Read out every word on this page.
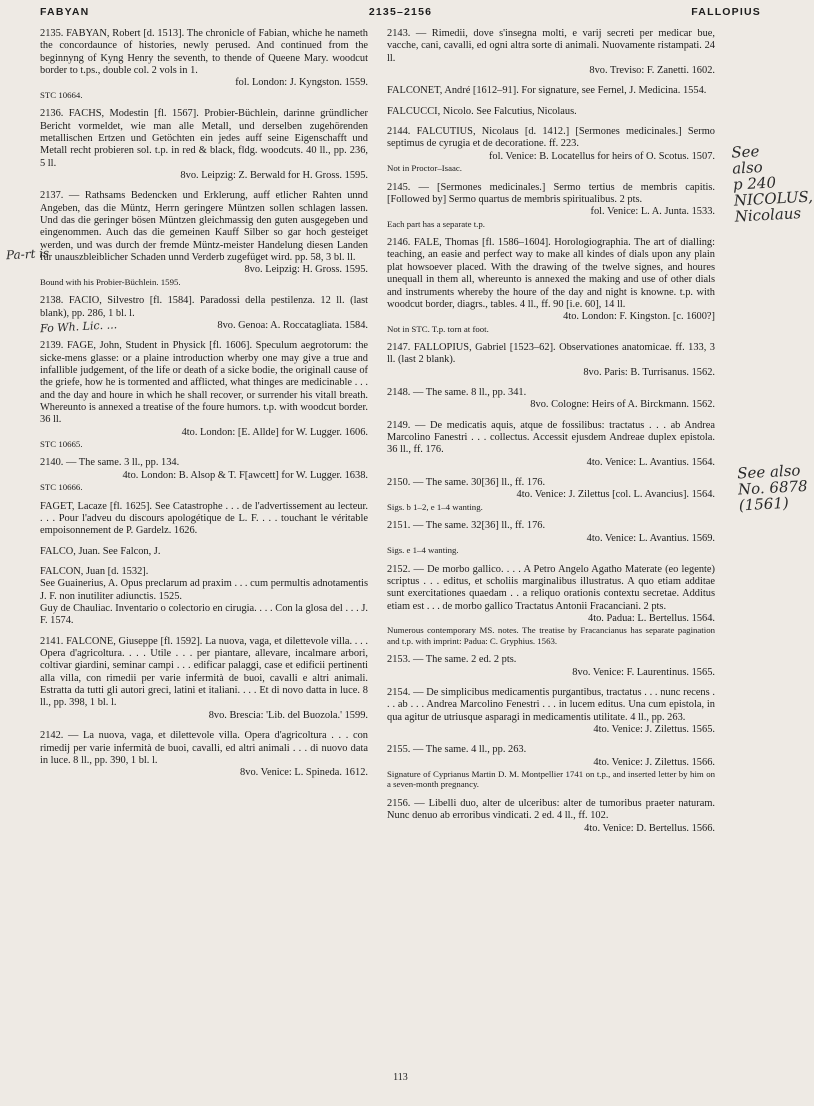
FABYAN	2135–2156	FALLOPIUS
2135. FABYAN, Robert [d. 1513]. The chronicle of Fabian, whiche he nameth the concordaunce of histories, newly perused. And continued from the beginnyng of Kyng Henry the seventh, to thende of Queene Mary. woodcut border to t.ps., double col. 2 vols in 1.
fol. London: J. Kyngston. 1559.
STC 10664.
2136. FACHS, Modestin [fl. 1567]. Probier-Büchlein, darinne gründlicher Bericht vormeldet, wie man alle Metall, und derselben zugehörenden metallischen Ertzen und Getöchten ein jedes auff seine Eigenschafft und Metall recht probieren sol. t.p. in red & black, fldg. woodcuts. 40 ll., pp. 236, 5 ll.
8vo. Leipzig: Z. Berwald for H. Gross. 1595.
2137. — Rathsams Bedencken und Erklerung, auff etlicher Rahten unnd Angeben, das die Müntz, Herrn geringere Müntzen sollen schlagen lassen. Und das die geringer bösen Müntzen gleichmassig den guten ausgegeben und eingenommen. Auch das die gemeinen Kauff Silber so gar hoch gesteiget werden, und was durch der fremde Müntz-meister Handelung diesen Landen für unauszbleiblicher Schaden unnd Verderb zugefüget wird. pp. 58, 3 bl. ll.
8vo. Leipzig: H. Gross. 1595.
Bound with his Probier-Büchlein. 1595.
2138. FACIO, Silvestro [fl. 1584]. Paradossi della pestilenza. 12 ll. (last blank), pp. 286, 1 bl. l.
8vo. Genoa: A. Roccatagliata. 1584.
2139. FAGE, John, Student in Physick [fl. 1606]. Speculum aegrotorum: the sicke-mens glasse: or a plaine introduction wherby one may give a true and infallible judgement, of the life or death of a sicke bodie, the originall cause of the griefe, how he is tormented and afflicted, what thinges are medicinable . . . and the day and houre in which he shall recover, or surrender his vitall breath. Whereunto is annexed a treatise of the foure humors. t.p. with woodcut border. 36 ll.
4to. London: [E. Allde] for W. Lugger. 1606.
STC 10665.
2140. — The same. 3 ll., pp. 134.
4to. London: B. Alsop & T. F[awcett] for W. Lugger. 1638.
STC 10666.
FAGET, Lacaze [fl. 1625]. See Catastrophe . . . de l'advertissement au lecteur. . . . Pour l'adveu du discours apologétique de L. F. . . . touchant le véritable empoisonnement de P. Gardelz. 1626.
FALCO, Juan. See Falcon, J.
FALCON, Juan [d. 1532].
See Guainerius, A. Opus preclarum ad praxim . . . cum permultis adnotamentis J. F. non inutiliter adiunctis. 1525.
Guy de Chauliac. Inventario o colectorio en cirugia. . . . Con la glosa del . . . J. F. 1574.
2141. FALCONE, Giuseppe [fl. 1592]. La nuova, vaga, et dilettevole villa. . . . Opera d'agricoltura. . . . Utile . . . per piantare, allevare, incalmare arbori, coltivar giardini, seminar campi . . . edificar palaggi, case et edificii pertinenti alla villa, con rimedii per varie infermità de buoi, cavalli e altri animali. Estratta da tutti gli autori greci, latini et italiani. . . . Et di novo datta in luce. 8 ll., pp. 398, 1 bl. l.
8vo. Brescia: 'Lib. del Buozola.' 1599.
2142. — La nuova, vaga, et dilettevole villa. Opera d'agricoltura . . . con rimedij per varie infermità de buoi, cavalli, ed altri animali . . . di nuovo data in luce. 8 ll., pp. 390, 1 bl. l.
8vo. Venice: L. Spineda. 1612.
2143. — Rimedii, dove s'insegna molti, e varij secreti per medicar bue, vacche, cani, cavalli, ed ogni altra sorte di animali. Nuovamente ristampati. 24 ll.
8vo. Treviso: F. Zanetti. 1602.
FALCONET, André [1612–91]. For signature, see Fernel, J. Medicina. 1554.
FALCUCCI, Nicolo. See Falcutius, Nicolaus.
2144. FALCUTIUS, Nicolaus [d. 1412.] [Sermones medicinales.] Sermo septimus de cyrugia et de decoratione. ff. 223.
fol. Venice: B. Locatellus for heirs of O. Scotus. 1507.
Not in Proctor–Isaac.
2145. — [Sermones medicinales.] Sermo tertius de membris capitis. [Followed by] Sermo quartus de membris spiritualibus. 2 pts.
fol. Venice: L. A. Junta. 1533.
Each part has a separate t.p.
2146. FALE, Thomas [fl. 1586–1604]. Horologiographia. The art of dialling: teaching, an easie and perfect way to make all kindes of dials upon any plain plat howsoever placed. With the drawing of the twelve signes, and houres unequall in them all, whereunto is annexed the making and use of other dials and instruments whereby the houre of the day and night is knowne. t.p. with woodcut border, diagrs., tables. 4 ll., ff. 90 [i.e. 60], 14 ll.
4to. London: F. Kingston. [c. 1600?]
Not in STC. T.p. torn at foot.
2147. FALLOPIUS, Gabriel [1523–62]. Observationes anatomicae. ff. 133, 3 ll. (last 2 blank).
8vo. Paris: B. Turrisanus. 1562.
2148. — The same. 8 ll., pp. 341.
8vo. Cologne: Heirs of A. Birckmann. 1562.
2149. — De medicatis aquis, atque de fossilibus: tractatus . . . ab Andrea Marcolino Fanestri . . . collectus. Accessit ejusdem Andreae duplex epistola. 36 ll., ff. 176.
4to. Venice: L. Avantius. 1564.
2150. — The same. 30[36] ll., ff. 176.
4to. Venice: J. Zilettus [col. L. Avancius]. 1564.
Sigs. b 1–2, e 1–4 wanting.
2151. — The same. 32[36] ll., ff. 176.
4to. Venice: L. Avantius. 1569.
Sigs. e 1–4 wanting.
2152. — De morbo gallico. . . . A Petro Angelo Agatho Materate (eo legente) scriptus . . . editus, et scholiis marginalibus illustratus. A quo etiam additae sunt exercitationes quaedam . . a reliquo orationis contextu secretae. Additus etiam est . . . de morbo gallico Tractatus Antonii Fracanciani. 2 pts.
4to. Padua: L. Bertellus. 1564.
Numerous contemporary MS. notes. The treatise by Fracancianus has separate pagination and t.p. with imprint: Padua: C. Gryphius. 1563.
2153. — The same. 2 ed. 2 pts.
8vo. Venice: F. Laurentinus. 1565.
2154. — De simplicibus medicamentis purgantibus, tractatus . . . nunc recens . . . ab . . . Andrea Marcolino Fenestri . . . in lucem editus. Una cum epistola, in qua agitur de utriusque asparagi in medicamentis utilitate. 4 ll., pp. 263.
4to. Venice: J. Zilettus. 1565.
2155. — The same. 4 ll., pp. 263.
4to. Venice: J. Zilettus. 1566.
Signature of Cyprianus Martin D. M. Montpellier 1741 on t.p., and inserted letter by him on a seven-month pregnancy.
2156. — Libelli duo, alter de ulceribus: alter de tumoribus praeter naturam. Nunc denuo ab erroribus vindicati. 2 ed. 4 ll., ff. 102.
4to. Venice: D. Bertellus. 1566.
See
also
p 240
NICOLUS,
Nicolaus
See also
No. 6878
(1561)
Fo Wh. Lic. ...
Pa-rt is
113
